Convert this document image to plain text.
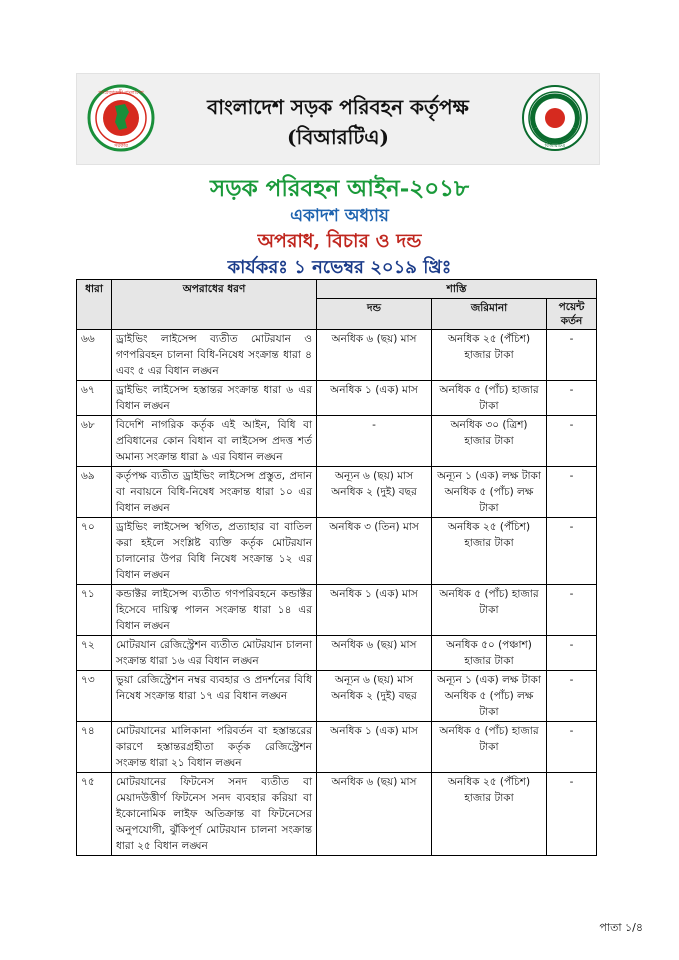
গণপ্রজাতন্ত্রী বাংলাদেশ
সরকার
বাংলাদেশ সড়ক পরিবহন কর্তৃপক্ষ
(বিআরটিএ)	বিআরটিএ
সড়ক পরিবহন আইন-২০১৮
একাদশ অধ্যায়
অপরাধ, বিচার ও দন্ড
কার্যকরঃ ১ নভেম্বর ২০১৯ খ্রিঃ
ধারা	অপরাধের ধরণ	শাস্তি		
		দন্ড	জরিমানা	পয়েন্ট কর্তন
৬৬	ড্রাইভিং লাইসেন্স ব্যতীত মোটরযান ও গণপরিবহন চালনা বিধি-নিষেধ সংক্রান্ত ধারা ৪ এবং ৫ এর বিধান লঙ্ঘন	অনধিক ৬ (ছয়) মাস	অনধিক ২৫ (পঁচিশ) হাজার টাকা	-
৬৭	ড্রাইভিং লাইসেন্স হস্তান্তর সংক্রান্ত ধারা ৬ এর বিধান লঙ্ঘন	অনধিক ১ (এক) মাস	অনধিক ৫ (পাঁচ) হাজার টাকা	-
৬৮	বিদেশি নাগরিক কর্তৃক এই আইন, বিধি বা প্রবিধানের কোন বিধান বা লাইসেন্স প্রদত্ত শর্ত অমান্য সংক্রান্ত ধারা ৯ এর বিধান লঙ্ঘন	-	অনধিক ৩০ (ত্রিশ) হাজার টাকা	-
৬৯	কর্তৃপক্ষ ব্যতীত ড্রাইভিং লাইসেন্স প্রস্তুত, প্রদান বা নবায়নে বিধি-নিষেধ সংক্রান্ত ধারা ১০ এর বিধান লঙ্ঘন	অন্যূন ৬ (ছয়) মাস অনধিক ২ (দুই) বছর	অন্যূন ১ (এক) লক্ষ টাকা অনধিক ৫ (পাঁচ) লক্ষ টাকা	-
৭০	ড্রাইভিং লাইসেন্স স্থগিত, প্রত্যাহার বা বাতিল করা হইলে সংশ্লিষ্ট ব্যক্তি কর্তৃক মোটরযান চালানোর উপর বিধি নিষেধ সংক্রান্ত ১২ এর বিধান লঙ্ঘন	অনধিক ৩ (তিন) মাস	অনধিক ২৫ (পঁচিশ) হাজার টাকা	-
৭১	কন্ডাক্টর লাইসেন্স ব্যতীত গণপরিবহনে কন্ডাক্টর হিসেবে দায়িত্ব পালন সংক্রান্ত ধারা ১৪ এর বিধান লঙ্ঘন	অনধিক ১ (এক) মাস	অনধিক ৫ (পাঁচ) হাজার টাকা	-
৭২	মোটরযান রেজিস্ট্রেশন ব্যতীত মোটরযান চালনা সংক্রান্ত ধারা ১৬ এর বিধান লঙ্ঘন	অনধিক ৬ (ছয়) মাস	অনধিক ৫০ (পঞ্চাশ) হাজার টাকা	-
৭৩	ভুয়া রেজিস্ট্রেশন নম্বর ব্যবহার ও প্রদর্শনের বিধি নিষেধ সংক্রান্ত ধারা ১৭ এর বিধান লঙ্ঘন	অন্যূন ৬ (ছয়) মাস অনধিক ২ (দুই) বছর	অন্যূন ১ (এক) লক্ষ টাকা অনধিক ৫ (পাঁচ) লক্ষ টাকা	-
৭৪	মোটরযানের মালিকানা পরিবর্তন বা হস্তান্তরের কারণে হস্তান্তরগ্রহীতা কর্তৃক রেজিস্ট্রেশন সংক্রান্ত ধারা ২১ বিধান লঙ্ঘন	অনধিক ১ (এক) মাস	অনধিক ৫ (পাঁচ) হাজার টাকা	-
৭৫	মোটরযানের ফিটনেস সনদ ব্যতীত বা মেয়াদউত্তীর্ণ ফিটনেস সনদ ব্যবহার করিয়া বা ইকোনোমিক লাইফ অতিক্রান্ত বা ফিটনেসের অনুপযোগী, ঝুঁকিপূর্ণ মোটরযান চালনা সংক্রান্ত ধারা ২৫ বিধান লঙ্ঘন	অনধিক ৬ (ছয়) মাস	অনধিক ২৫ (পঁচিশ) হাজার টাকা	-
পাতা ১/৪
